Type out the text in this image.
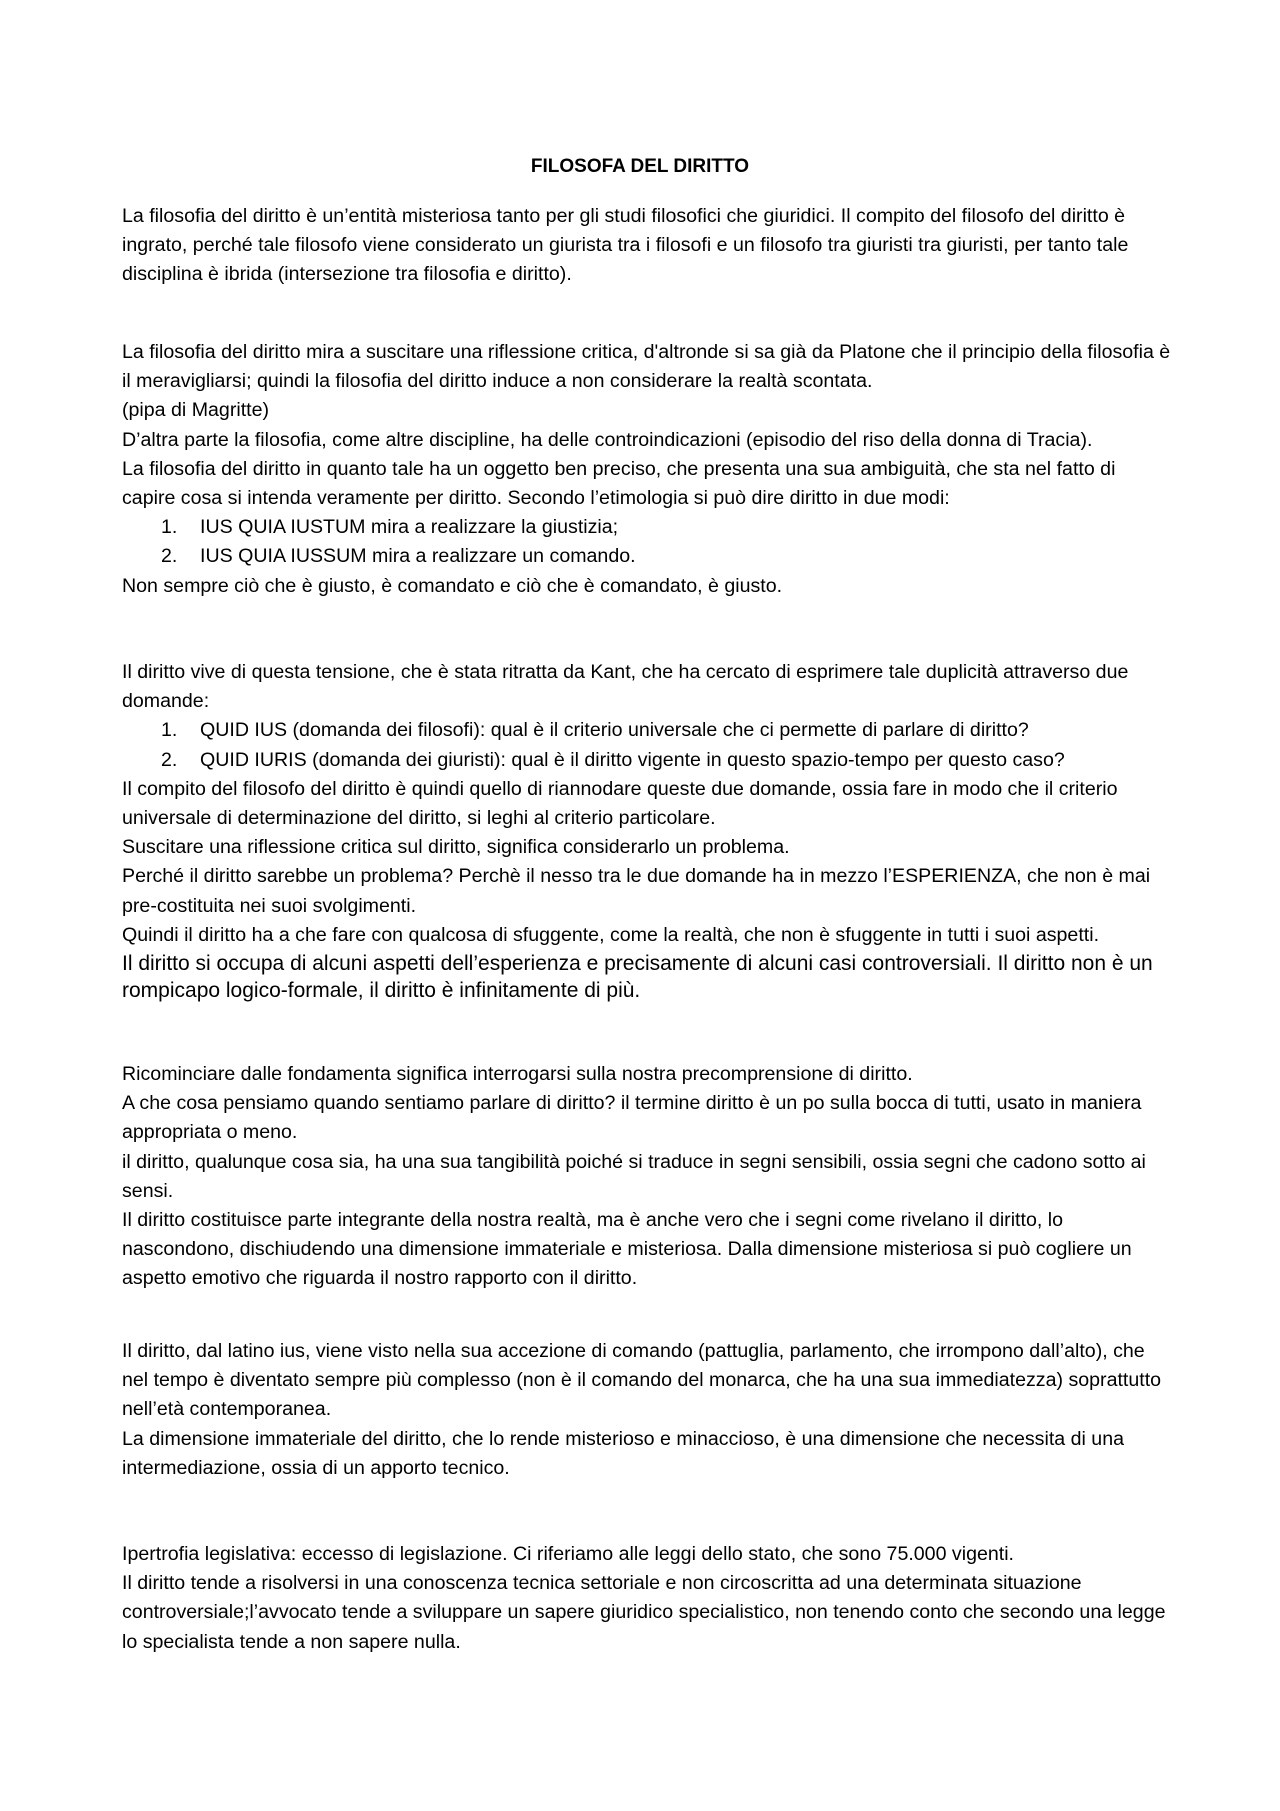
FILOSOFA DEL DIRITTO

La filosofia del diritto è un’entità misteriosa tanto per gli studi filosofici che giuridici. Il compito del filosofo del diritto è ingrato, perché tale filosofo viene considerato un giurista tra i filosofi e un filosofo tra giuristi tra giuristi, per tanto tale disciplina è ibrida (intersezione tra filosofia e diritto).

La filosofia del diritto mira a suscitare una riflessione critica, d'altronde si sa già da Platone che il principio della filosofia è il meravigliarsi; quindi la filosofia del diritto induce a non considerare la realtà scontata.

(pipa di Magritte)

D’altra parte la filosofia, come altre discipline, ha delle controindicazioni (episodio del riso della donna di Tracia).

La filosofia del diritto in quanto tale ha un oggetto ben preciso, che presenta una sua ambiguità, che sta nel fatto di capire cosa si intenda veramente per diritto. Secondo l’etimologia si può dire diritto in due modi:

1.	IUS QUIA IUSTUM mira a realizzare la giustizia;
2.	IUS QUIA IUSSUM mira a realizzare un comando.

Non sempre ciò che è giusto, è comandato e ciò che è comandato, è giusto.

Il diritto vive di questa tensione, che è stata ritratta da Kant, che ha cercato di esprimere tale duplicità attraverso due domande:

1.	QUID IUS (domanda dei filosofi): qual è il criterio universale che ci permette di parlare di diritto?
2.	QUID IURIS (domanda dei giuristi): qual è il diritto vigente in questo spazio-tempo per questo caso?

Il compito del filosofo del diritto è quindi quello di riannodare queste due domande, ossia fare in modo che il criterio universale di determinazione del diritto, si leghi al criterio particolare.

Suscitare una riflessione critica sul diritto, significa considerarlo un problema.

Perché il diritto sarebbe un problema? Perchè il nesso tra le due domande ha in mezzo l’ESPERIENZA, che non è mai pre-costituita nei suoi svolgimenti.

Quindi il diritto ha a che fare con qualcosa di sfuggente, come la realtà, che non è sfuggente in tutti i suoi aspetti.

Il diritto si occupa di alcuni aspetti dell’esperienza e precisamente di alcuni casi controversiali. Il diritto non è un rompicapo logico-formale, il diritto è infinitamente di più.

Ricominciare dalle fondamenta significa interrogarsi sulla nostra precomprensione di diritto.

A che cosa pensiamo quando sentiamo parlare di diritto? il termine diritto è un po sulla bocca di tutti, usato in maniera appropriata o meno.

il diritto, qualunque cosa sia, ha una sua tangibilità poiché si traduce in segni sensibili, ossia segni che cadono sotto ai sensi.

Il diritto costituisce parte integrante della nostra realtà, ma è anche vero che i segni come rivelano il diritto, lo nascondono, dischiudendo una dimensione immateriale e misteriosa. Dalla dimensione misteriosa si può cogliere un aspetto emotivo che riguarda il nostro rapporto con il diritto.

Il diritto, dal latino ius, viene visto nella sua accezione di comando (pattuglia, parlamento, che irrompono dall’alto), che nel tempo è diventato sempre più complesso (non è il comando del monarca, che ha una sua immediatezza) soprattutto nell’età contemporanea.

La dimensione immateriale del diritto, che lo rende misterioso e minaccioso, è una dimensione che necessita di una intermediazione, ossia di un apporto tecnico.

Ipertrofia legislativa: eccesso di legislazione. Ci riferiamo alle leggi dello stato, che sono 75.000 vigenti.

Il diritto tende a risolversi in una conoscenza tecnica settoriale e non circoscritta ad una determinata situazione controversiale;l’avvocato tende a sviluppare un sapere giuridico specialistico, non tenendo conto che secondo una legge lo specialista tende a non sapere nulla.
